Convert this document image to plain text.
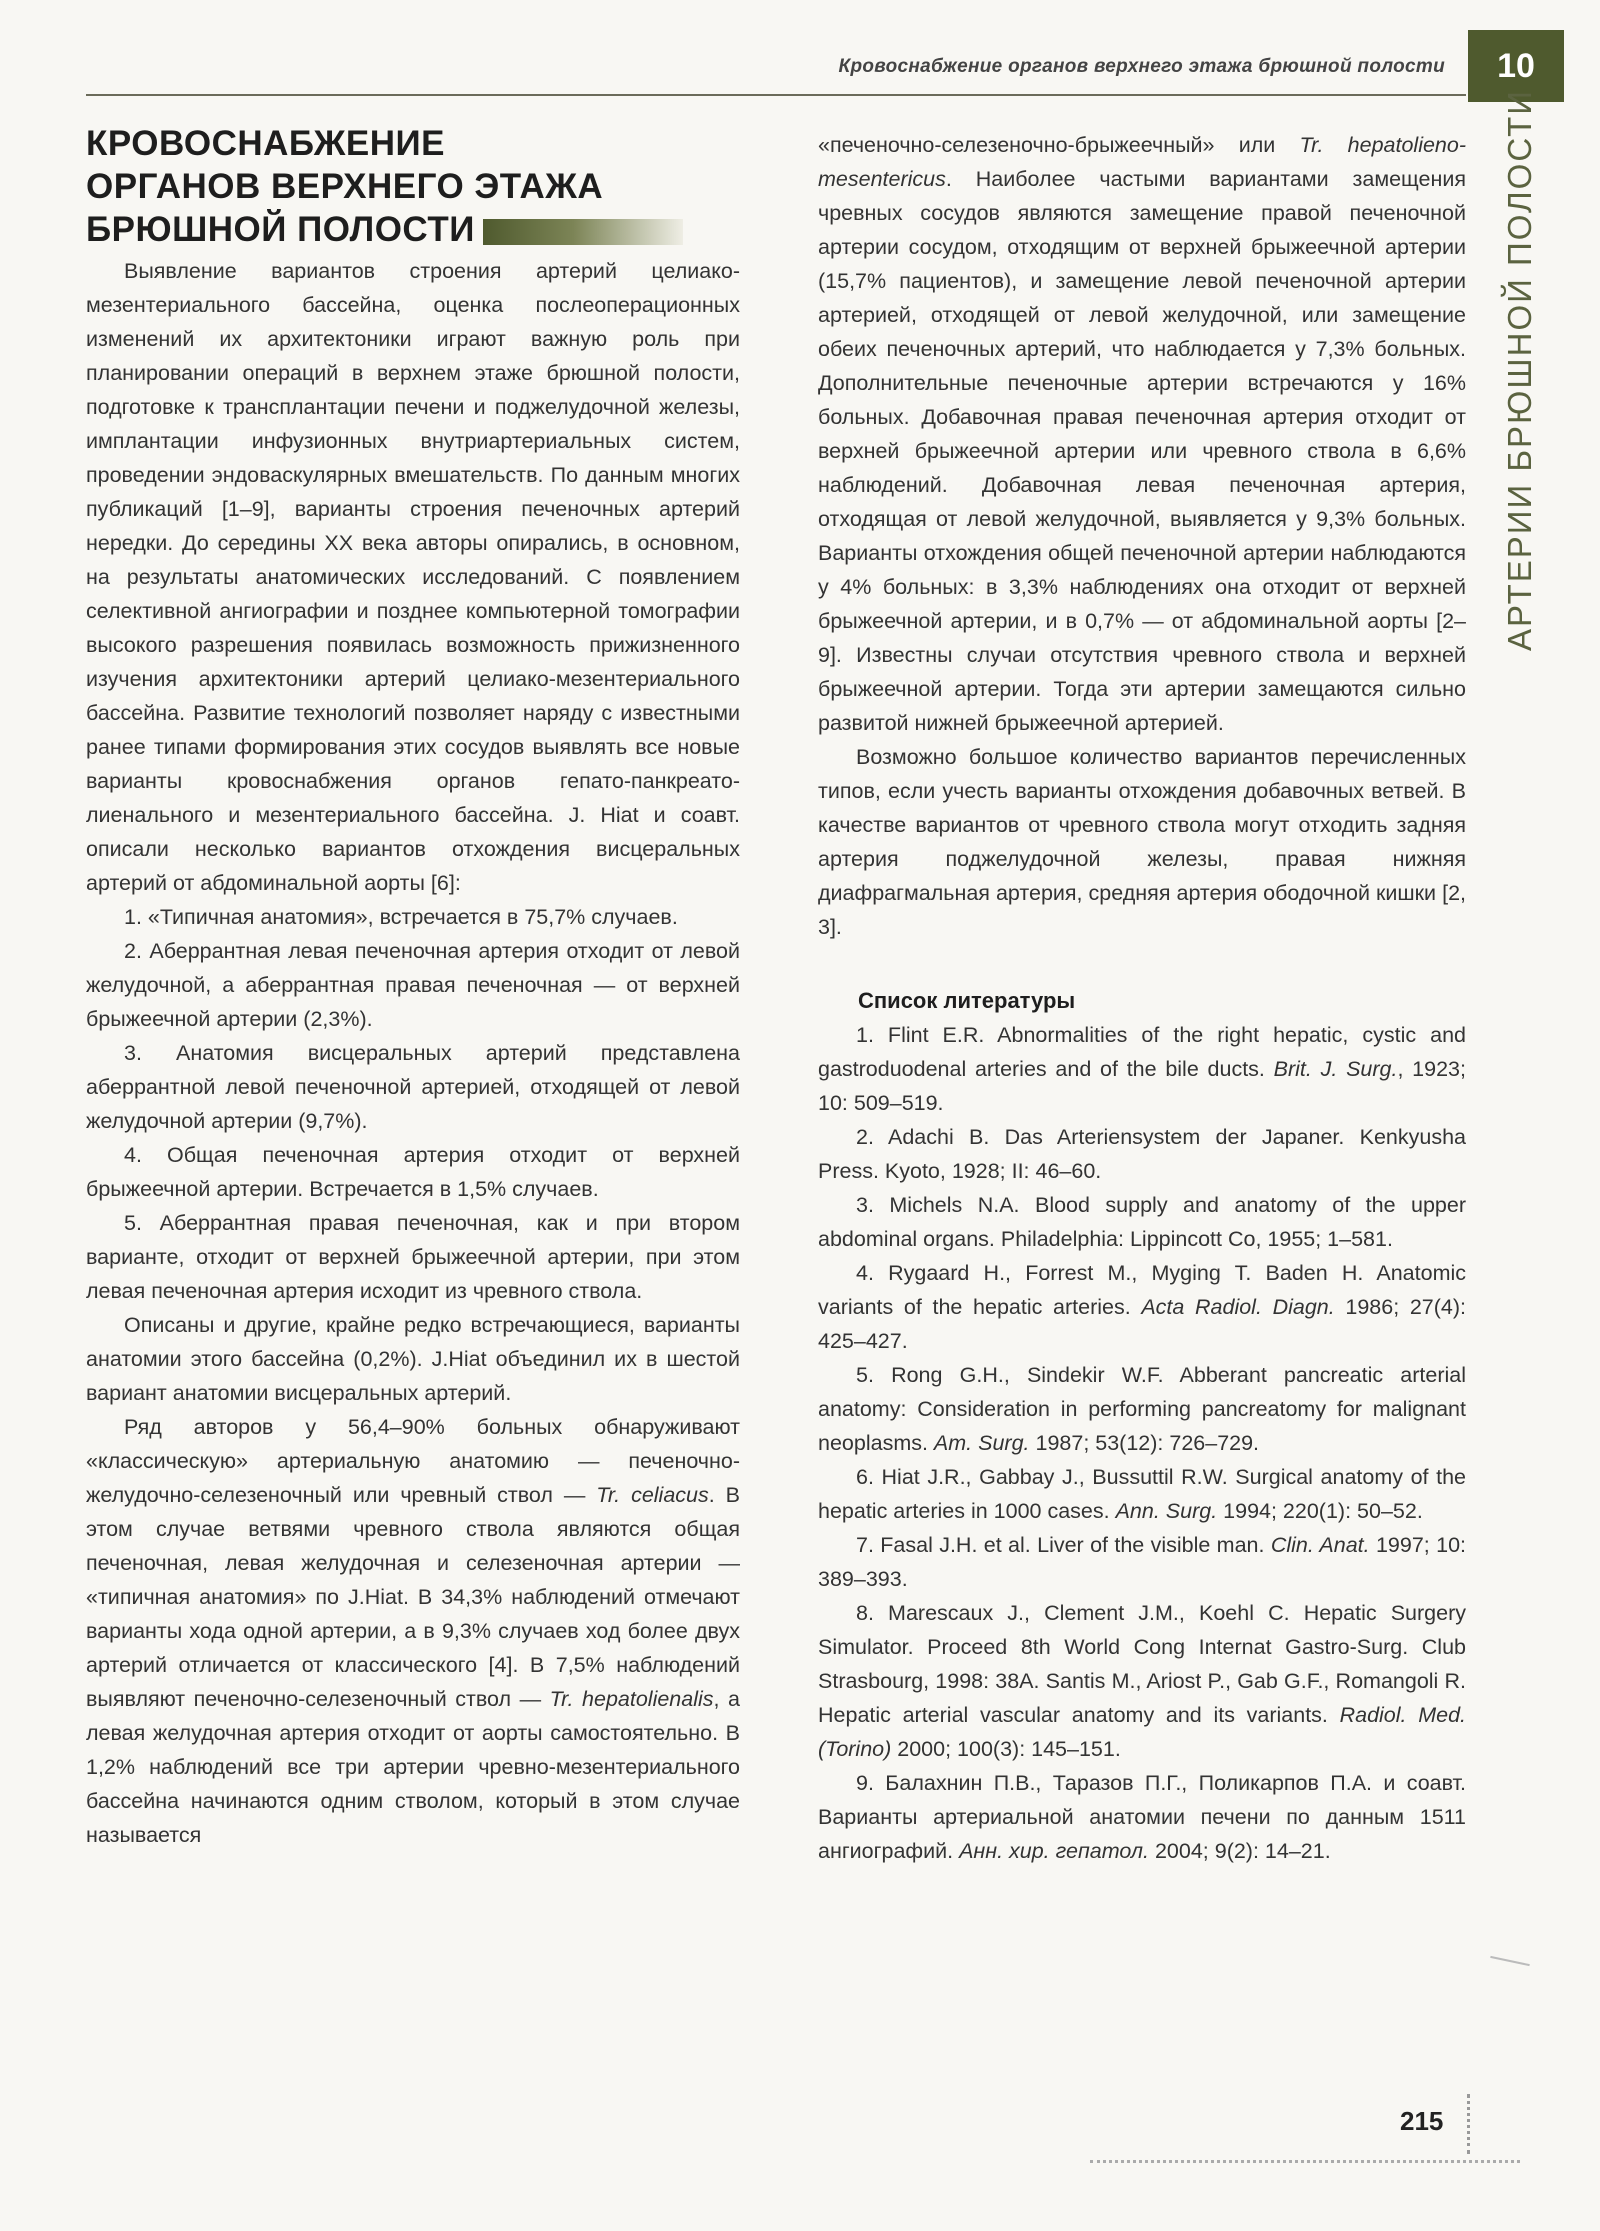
Кровоснабжение органов верхнего этажа брюшной полости	10
АРТЕРИИ БРЮШНОЙ ПОЛОСТИ
КРОВОСНАБЖЕНИЕ
ОРГАНОВ ВЕРХНЕГО ЭТАЖА
БРЮШНОЙ ПОЛОСТИ

Выявление вариантов строения артерий целиако-мезентериального бассейна, оценка послеоперационных изменений их архитектоники играют важную роль при планировании операций в верхнем этаже брюшной полости, подготовке к трансплантации печени и поджелудочной железы, имплантации инфузионных внутриартериальных систем, проведении эндоваскулярных вмешательств. По данным многих публикаций [1–9], варианты строения печеночных артерий нередки. До середины XX века авторы опирались, в основном, на результаты анатомических исследований. С появлением селективной ангиографии и позднее компьютерной томографии высокого разрешения появилась возможность прижизненного изучения архитектоники артерий целиако-мезентериального бассейна. Развитие технологий позволяет наряду с известными ранее типами формирования этих сосудов выявлять все новые варианты кровоснабжения органов гепато-панкреато-лиенального и мезентериального бассейна. J. Hiat и соавт. описали несколько вариантов отхождения висцеральных артерий от абдоминальной аорты [6]:

1. «Типичная анатомия», встречается в 75,7% случаев.

2. Аберрантная левая печеночная артерия отходит от левой желудочной, а аберрантная правая печеночная — от верхней брыжеечной артерии (2,3%).

3. Анатомия висцеральных артерий представлена аберрантной левой печеночной артерией, отходящей от левой желудочной артерии (9,7%).

4. Общая печеночная артерия отходит от верхней брыжеечной артерии. Встречается в 1,5% случаев.

5. Аберрантная правая печеночная, как и при втором варианте, отходит от верхней брыжеечной артерии, при этом левая печеночная артерия исходит из чревного ствола.

Описаны и другие, крайне редко встречающиеся, варианты анатомии этого бассейна (0,2%). J.Hiat объединил их в шестой вариант анатомии висцеральных артерий.

Ряд авторов у 56,4–90% больных обнаруживают «классическую» артериальную анатомию — печеночно-желудочно-селезеночный или чревный ствол — Tr. celiacus. В этом случае ветвями чревного ствола являются общая печеночная, левая желудочная и селезеночная артерии — «типичная анатомия» по J.Hiat. В 34,3% наблюдений отмечают варианты хода одной артерии, а в 9,3% случаев ход более двух артерий отличается от классического [4]. В 7,5% наблюдений выявляют печеночно-селезеночный ствол — Tr. hepatolienalis, а левая желудочная артерия отходит от аорты самостоятельно. В 1,2% наблюдений все три артерии чревно-мезентериального бассейна начинаются одним стволом, который в этом случае называется

«печеночно-селезеночно-брыжеечный» или Tr. hepatolieno-mesentericus. Наиболее частыми вариантами замещения чревных сосудов являются замещение правой печеночной артерии сосудом, отходящим от верхней брыжеечной артерии (15,7% пациентов), и замещение левой печеночной артерии артерией, отходящей от левой желудочной, или замещение обеих печеночных артерий, что наблюдается у 7,3% больных. Дополнительные печеночные артерии встречаются у 16% больных. Добавочная правая печеночная артерия отходит от верхней брыжеечной артерии или чревного ствола в 6,6% наблюдений. Добавочная левая печеночная артерия, отходящая от левой желудочной, выявляется у 9,3% больных. Варианты отхождения общей печеночной артерии наблюдаются у 4% больных: в 3,3% наблюдениях она отходит от верхней брыжеечной артерии, и в 0,7% — от абдоминальной аорты [2–9]. Известны случаи отсутствия чревного ствола и верхней брыжеечной артерии. Тогда эти артерии замещаются сильно развитой нижней брыжеечной артерией.

Возможно большое количество вариантов перечисленных типов, если учесть варианты отхождения добавочных ветвей. В качестве вариантов от чревного ствола могут отходить задняя артерия поджелудочной железы, правая нижняя диафрагмальная артерия, средняя артерия ободочной кишки [2, 3].

Список литературы

1. Flint E.R. Abnormalities of the right hepatic, cystic and gastroduodenal arteries and of the bile ducts. Brit. J. Surg., 1923; 10: 509–519.

2. Adachi B. Das Arteriensystem der Japaner. Kenkyusha Press. Kyoto, 1928; II: 46–60.

3. Michels N.A. Blood supply and anatomy of the upper abdominal organs. Philadelphia: Lippincott Co, 1955; 1–581.

4. Rygaard H., Forrest M., Myging T. Baden H. Anatomic variants of the hepatic arteries. Acta Radiol. Diagn. 1986; 27(4): 425–427.

5. Rong G.H., Sindekir W.F. Abberant pancreatic arterial anatomy: Consideration in performing pancreatomy for malignant neoplasms. Am. Surg. 1987; 53(12): 726–729.

6. Hiat J.R., Gabbay J., Bussuttil R.W. Surgical anatomy of the hepatic arteries in 1000 cases. Ann. Surg. 1994; 220(1): 50–52.

7. Fasal J.H. et al. Liver of the visible man. Clin. Anat. 1997; 10: 389–393.

8. Marescaux J., Clement J.M., Koehl C. Hepatic Surgery Simulator. Proceed 8th World Cong Internat Gastro-Surg. Club Strasbourg, 1998: 38A. Santis M., Ariost P., Gab G.F., Romangoli R. Hepatic arterial vascular anatomy and its variants. Radiol. Med. (Torino) 2000; 100(3): 145–151.

9. Балахнин П.В., Таразов П.Г., Поликарпов П.А. и соавт. Варианты артериальной анатомии печени по данным 1511 ангиографий. Анн. хир. гепатол. 2004; 9(2): 14–21.

215
